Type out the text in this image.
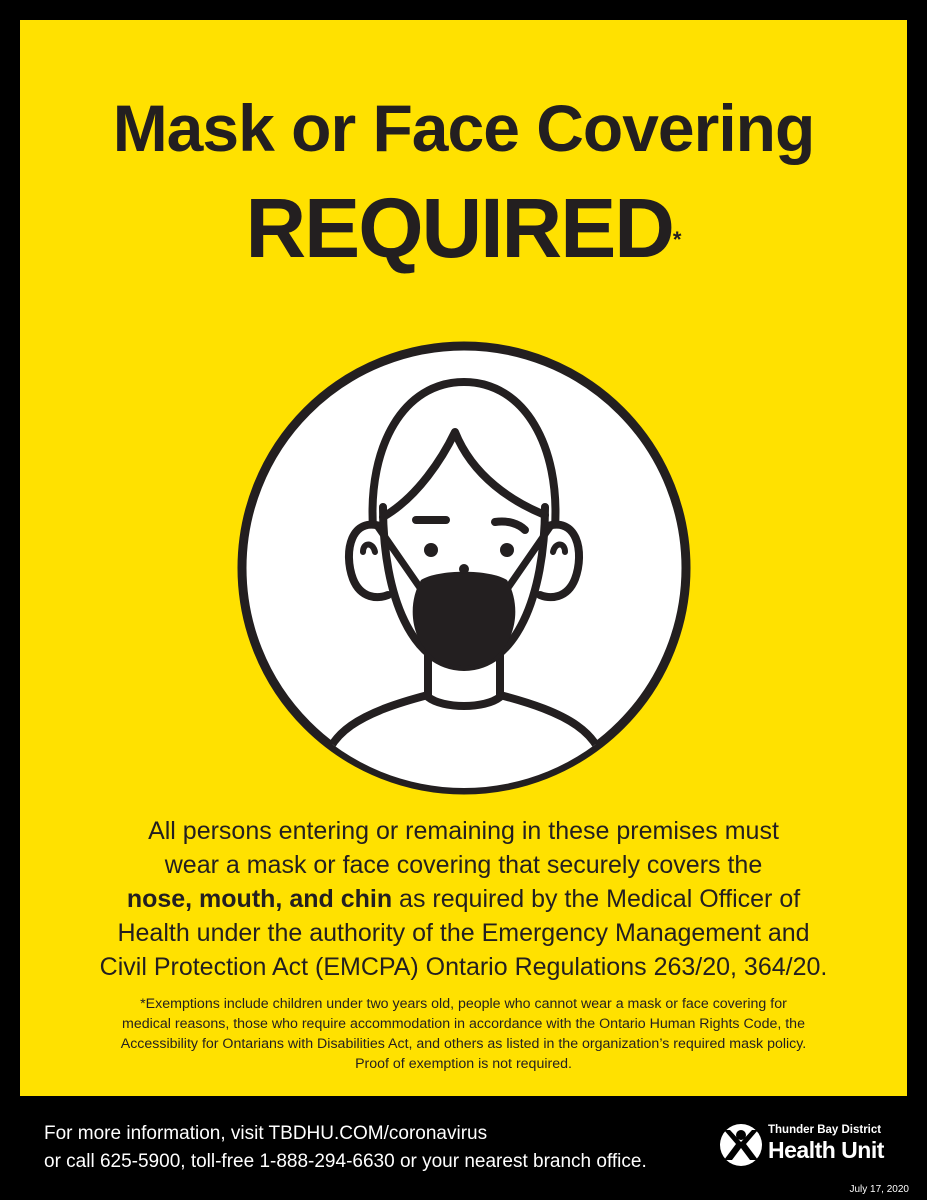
Mask or Face Covering
REQUIRED*
All persons entering or remaining in these premises must
wear a mask or face covering that securely covers the
nose, mouth, and chin as required by the Medical Officer of
Health under the authority of the Emergency Management and
Civil Protection Act (EMCPA) Ontario Regulations 263/20, 364/20.
*Exemptions include children under two years old, people who cannot wear a mask or face covering for
medical reasons, those who require accommodation in accordance with the Ontario Human Rights Code, the
Accessibility for Ontarians with Disabilities Act, and others as listed in the organization’s required mask policy.
Proof of exemption is not required.
For more information, visit TBDHU.COM/coronavirus
or call 625-5900, toll-free 1-888-294-6630 or your nearest branch office.
Thunder Bay District
Health Unit
July 17, 2020
